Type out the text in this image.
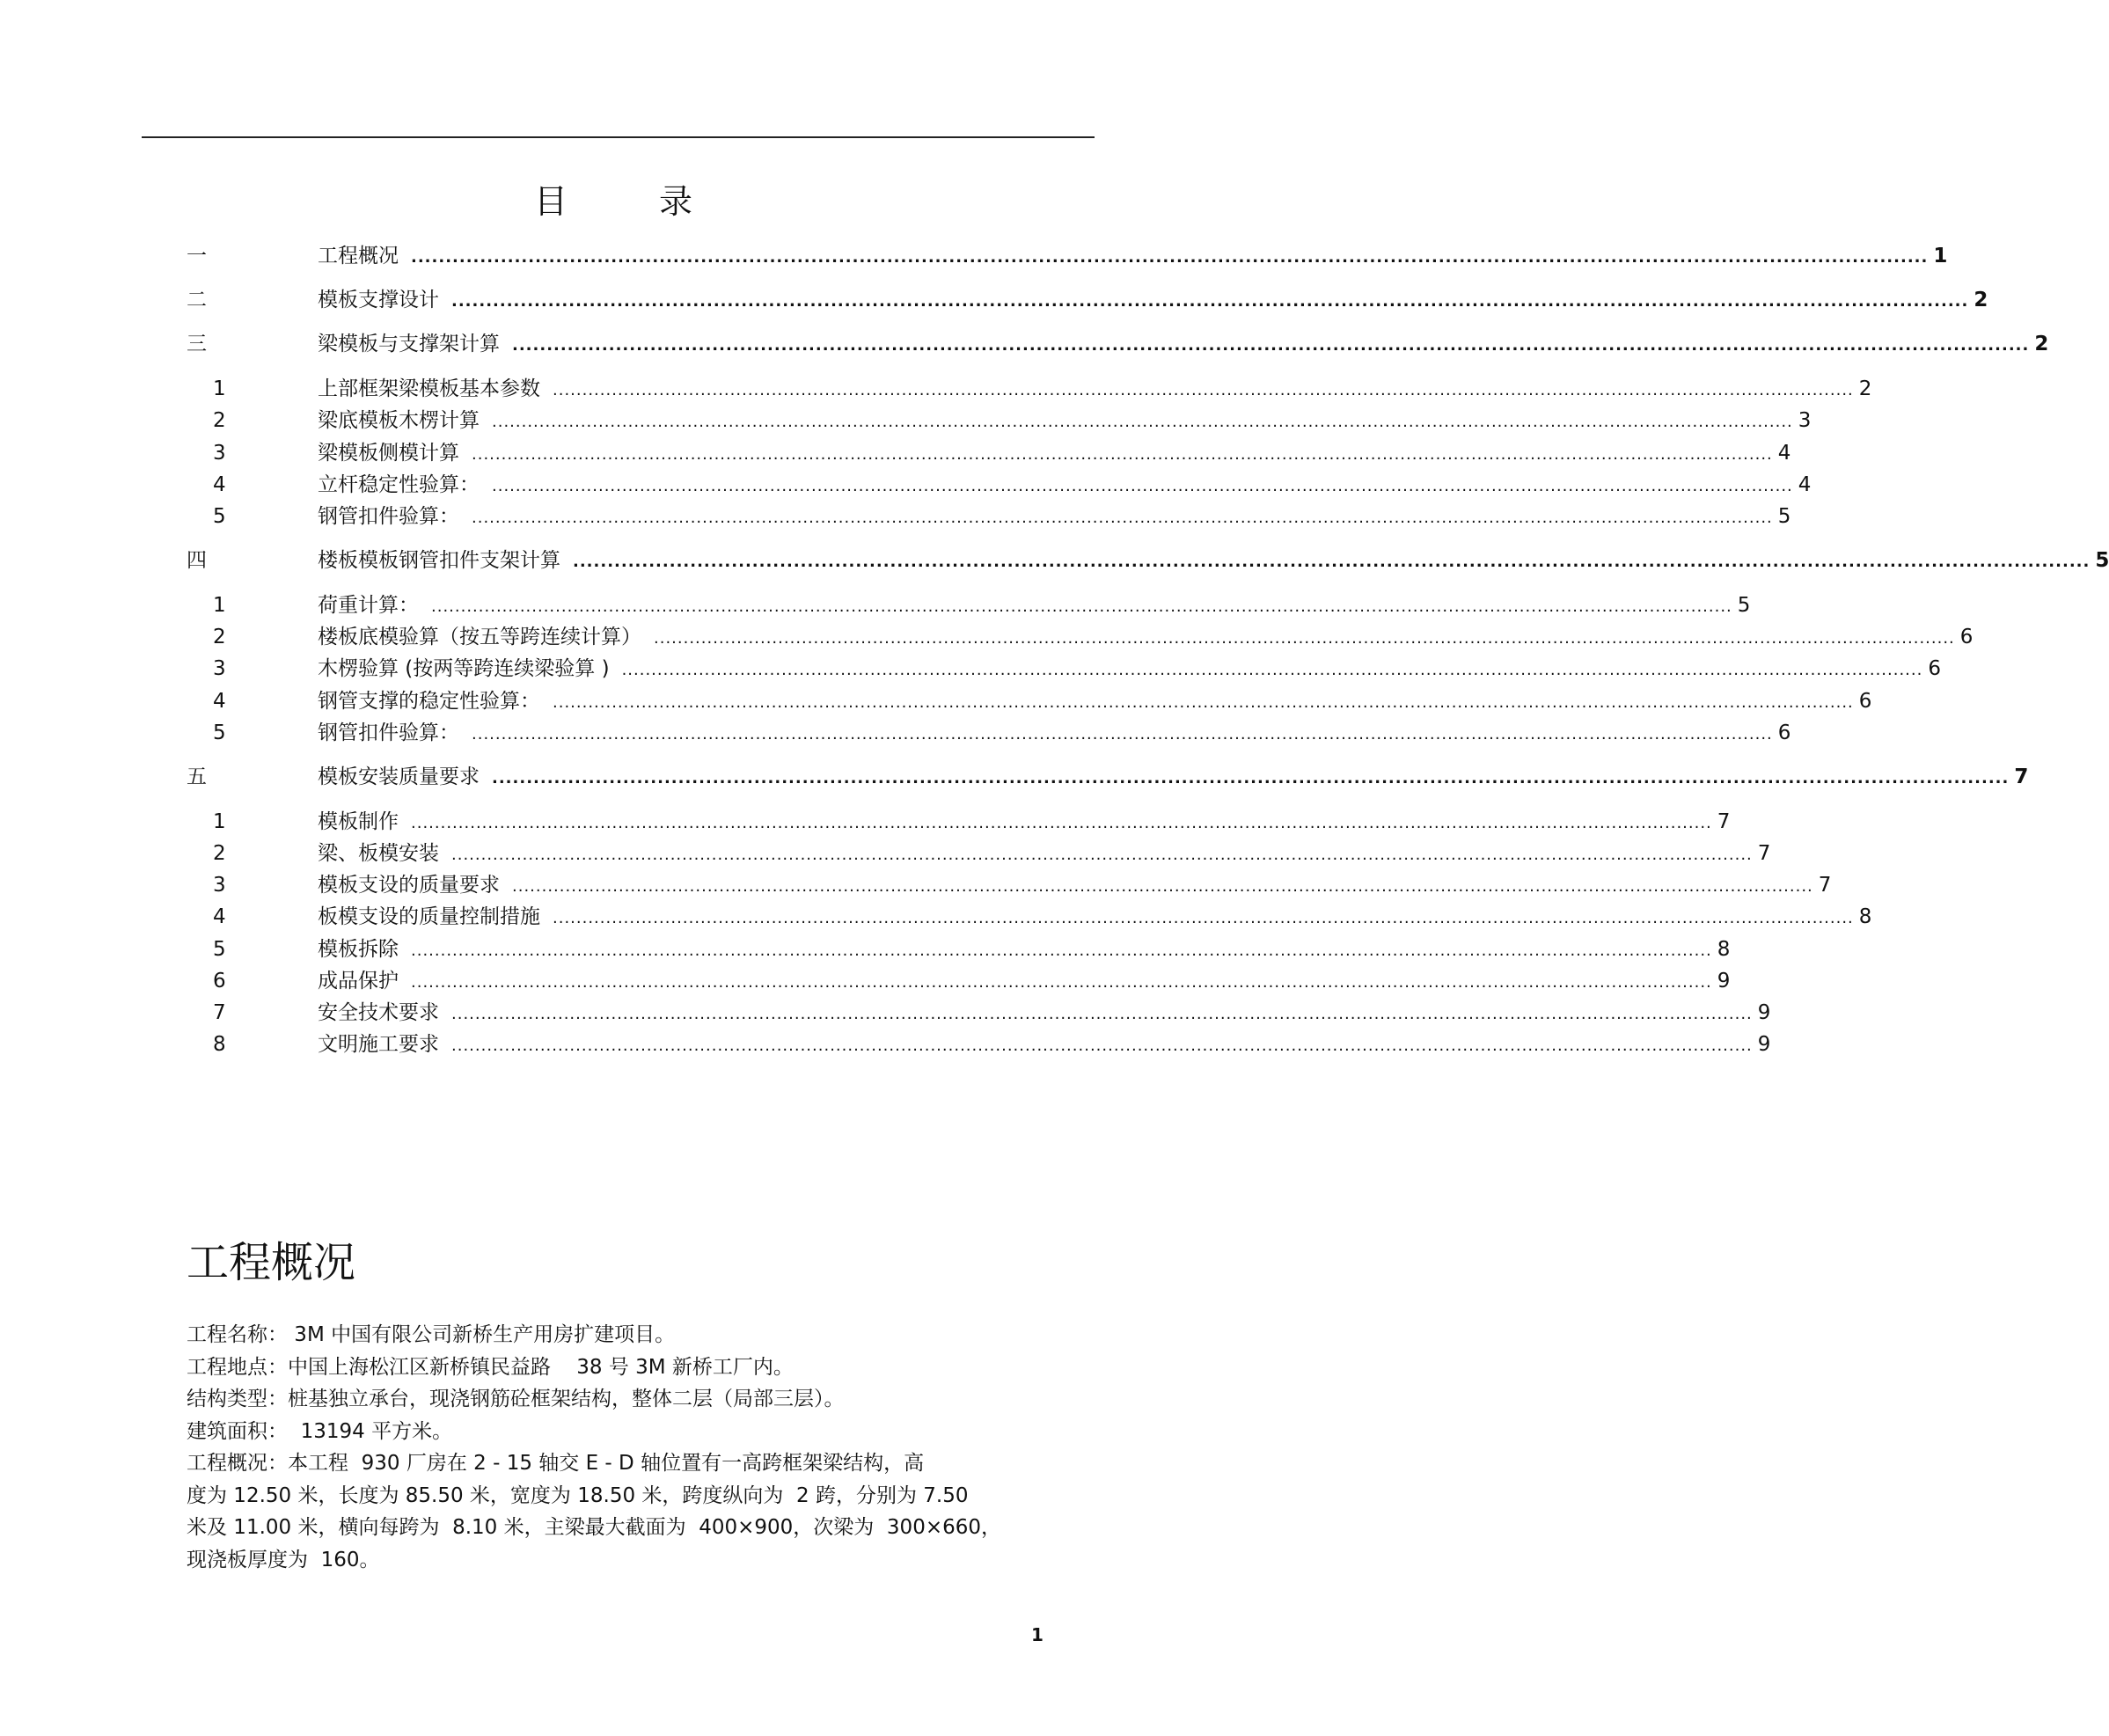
目 录
一	工程概况 ............................................................................................................................................................................................................................ 1
二	模板支撑设计 ............................................................................................................................................................................................................................ 2
三	梁模板与支撑架计算 ............................................................................................................................................................................................................................ 2
1	上部框架梁模板基本参数 ............................................................................................................................................................................................................................ 2
2	梁底模板木楞计算 ............................................................................................................................................................................................................................ 3
3	梁模板侧模计算 ............................................................................................................................................................................................................................ 4
4	立杆稳定性验算： ............................................................................................................................................................................................................................ 4
5	钢管扣件验算： ............................................................................................................................................................................................................................ 5
四	楼板模板钢管扣件支架计算 ............................................................................................................................................................................................................................ 5
1	荷重计算： ............................................................................................................................................................................................................................ 5
2	楼板底模验算（按五等跨连续计算） ............................................................................................................................................................................................................................ 6
3	木楞验算 (按两等跨连续梁验算 ) ............................................................................................................................................................................................................................ 6
4	钢管支撑的稳定性验算： ............................................................................................................................................................................................................................ 6
5	钢管扣件验算： ............................................................................................................................................................................................................................ 6
五	模板安装质量要求 ............................................................................................................................................................................................................................ 7
1	模板制作 ............................................................................................................................................................................................................................ 7
2	梁、板模安装 ............................................................................................................................................................................................................................ 7
3	模板支设的质量要求 ............................................................................................................................................................................................................................ 7
4	板模支设的质量控制措施 ............................................................................................................................................................................................................................ 8
5	模板拆除 ............................................................................................................................................................................................................................ 8
6	成品保护 ............................................................................................................................................................................................................................ 9
7	安全技术要求 ............................................................................................................................................................................................................................ 9
8	文明施工要求 ............................................................................................................................................................................................................................ 9
工程概况

工程名称： 3M 中国有限公司新桥生产用房扩建项目。

工程地点：中国上海松江区新桥镇民益路    38 号 3M 新桥工厂内。

结构类型：桩基独立承台，现浇钢筋砼框架结构，整体二层（局部三层）。

建筑面积：  13194 平方米。

工程概况：本工程  930 厂房在 2 - 15 轴交 E - D 轴位置有一高跨框架梁结构，高

度为 12.50 米，长度为 85.50 米，宽度为 18.50 米，跨度纵向为  2 跨，分别为 7.50

米及 11.00 米，横向每跨为  8.10 米，主梁最大截面为  400×900，次梁为  300×660，

现浇板厚度为  160。

1
